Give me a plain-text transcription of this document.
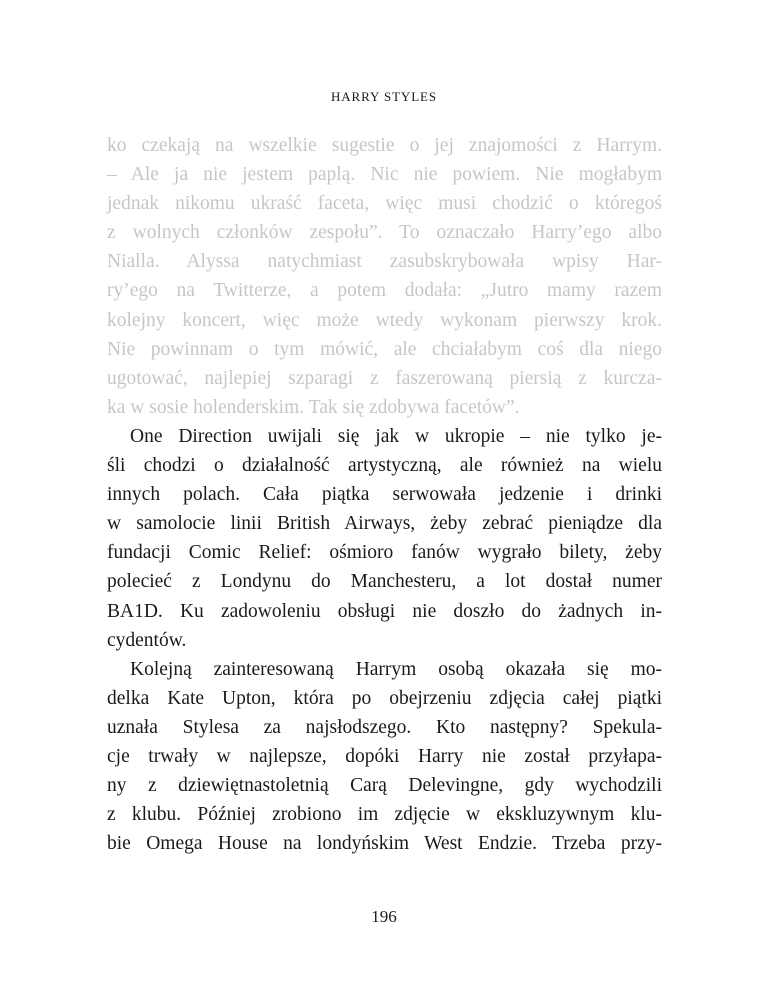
HARRY STYLES
ko czekają na wszelkie sugestie o jej znajomości z Harrym.
– Ale ja nie jestem paplą. Nic nie powiem. Nie mogłabym
jednak nikomu ukraść faceta, więc musi chodzić o któregoś
z wolnych członków zespołu”. To oznaczało Harry’ego albo
Nialla. Alyssa natychmiast zasubskrybowała wpisy Har-
ry’ego na Twitterze, a potem dodała: „Jutro mamy razem
kolejny koncert, więc może wtedy wykonam pierwszy krok.
Nie powinnam o tym mówić, ale chciałabym coś dla niego
ugotować, najlepiej szparagi z faszerowaną piersią z kurcza-
ka w sosie holenderskim. Tak się zdobywa facetów”.
One Direction uwijali się jak w ukropie – nie tylko je-
śli chodzi o działalność artystyczną, ale również na wielu
innych polach. Cała piątka serwowała jedzenie i drinki
w samolocie linii British Airways, żeby zebrać pieniądze dla
fundacji Comic Relief: ośmioro fanów wygrało bilety, żeby
polecieć z Londynu do Manchesteru, a lot dostał numer
BA1D. Ku zadowoleniu obsługi nie doszło do żadnych in-
cydentów.
Kolejną zainteresowaną Harrym osobą okazała się mo-
delka Kate Upton, która po obejrzeniu zdjęcia całej piątki
uznała Stylesa za najsłodszego. Kto następny? Spekula-
cje trwały w najlepsze, dopóki Harry nie został przyłapa-
ny z dziewiętnastoletnią Carą Delevingne, gdy wychodzili
z klubu. Później zrobiono im zdjęcie w ekskluzywnym klu-
bie Omega House na londyńskim West Endzie. Trzeba przy-
196
